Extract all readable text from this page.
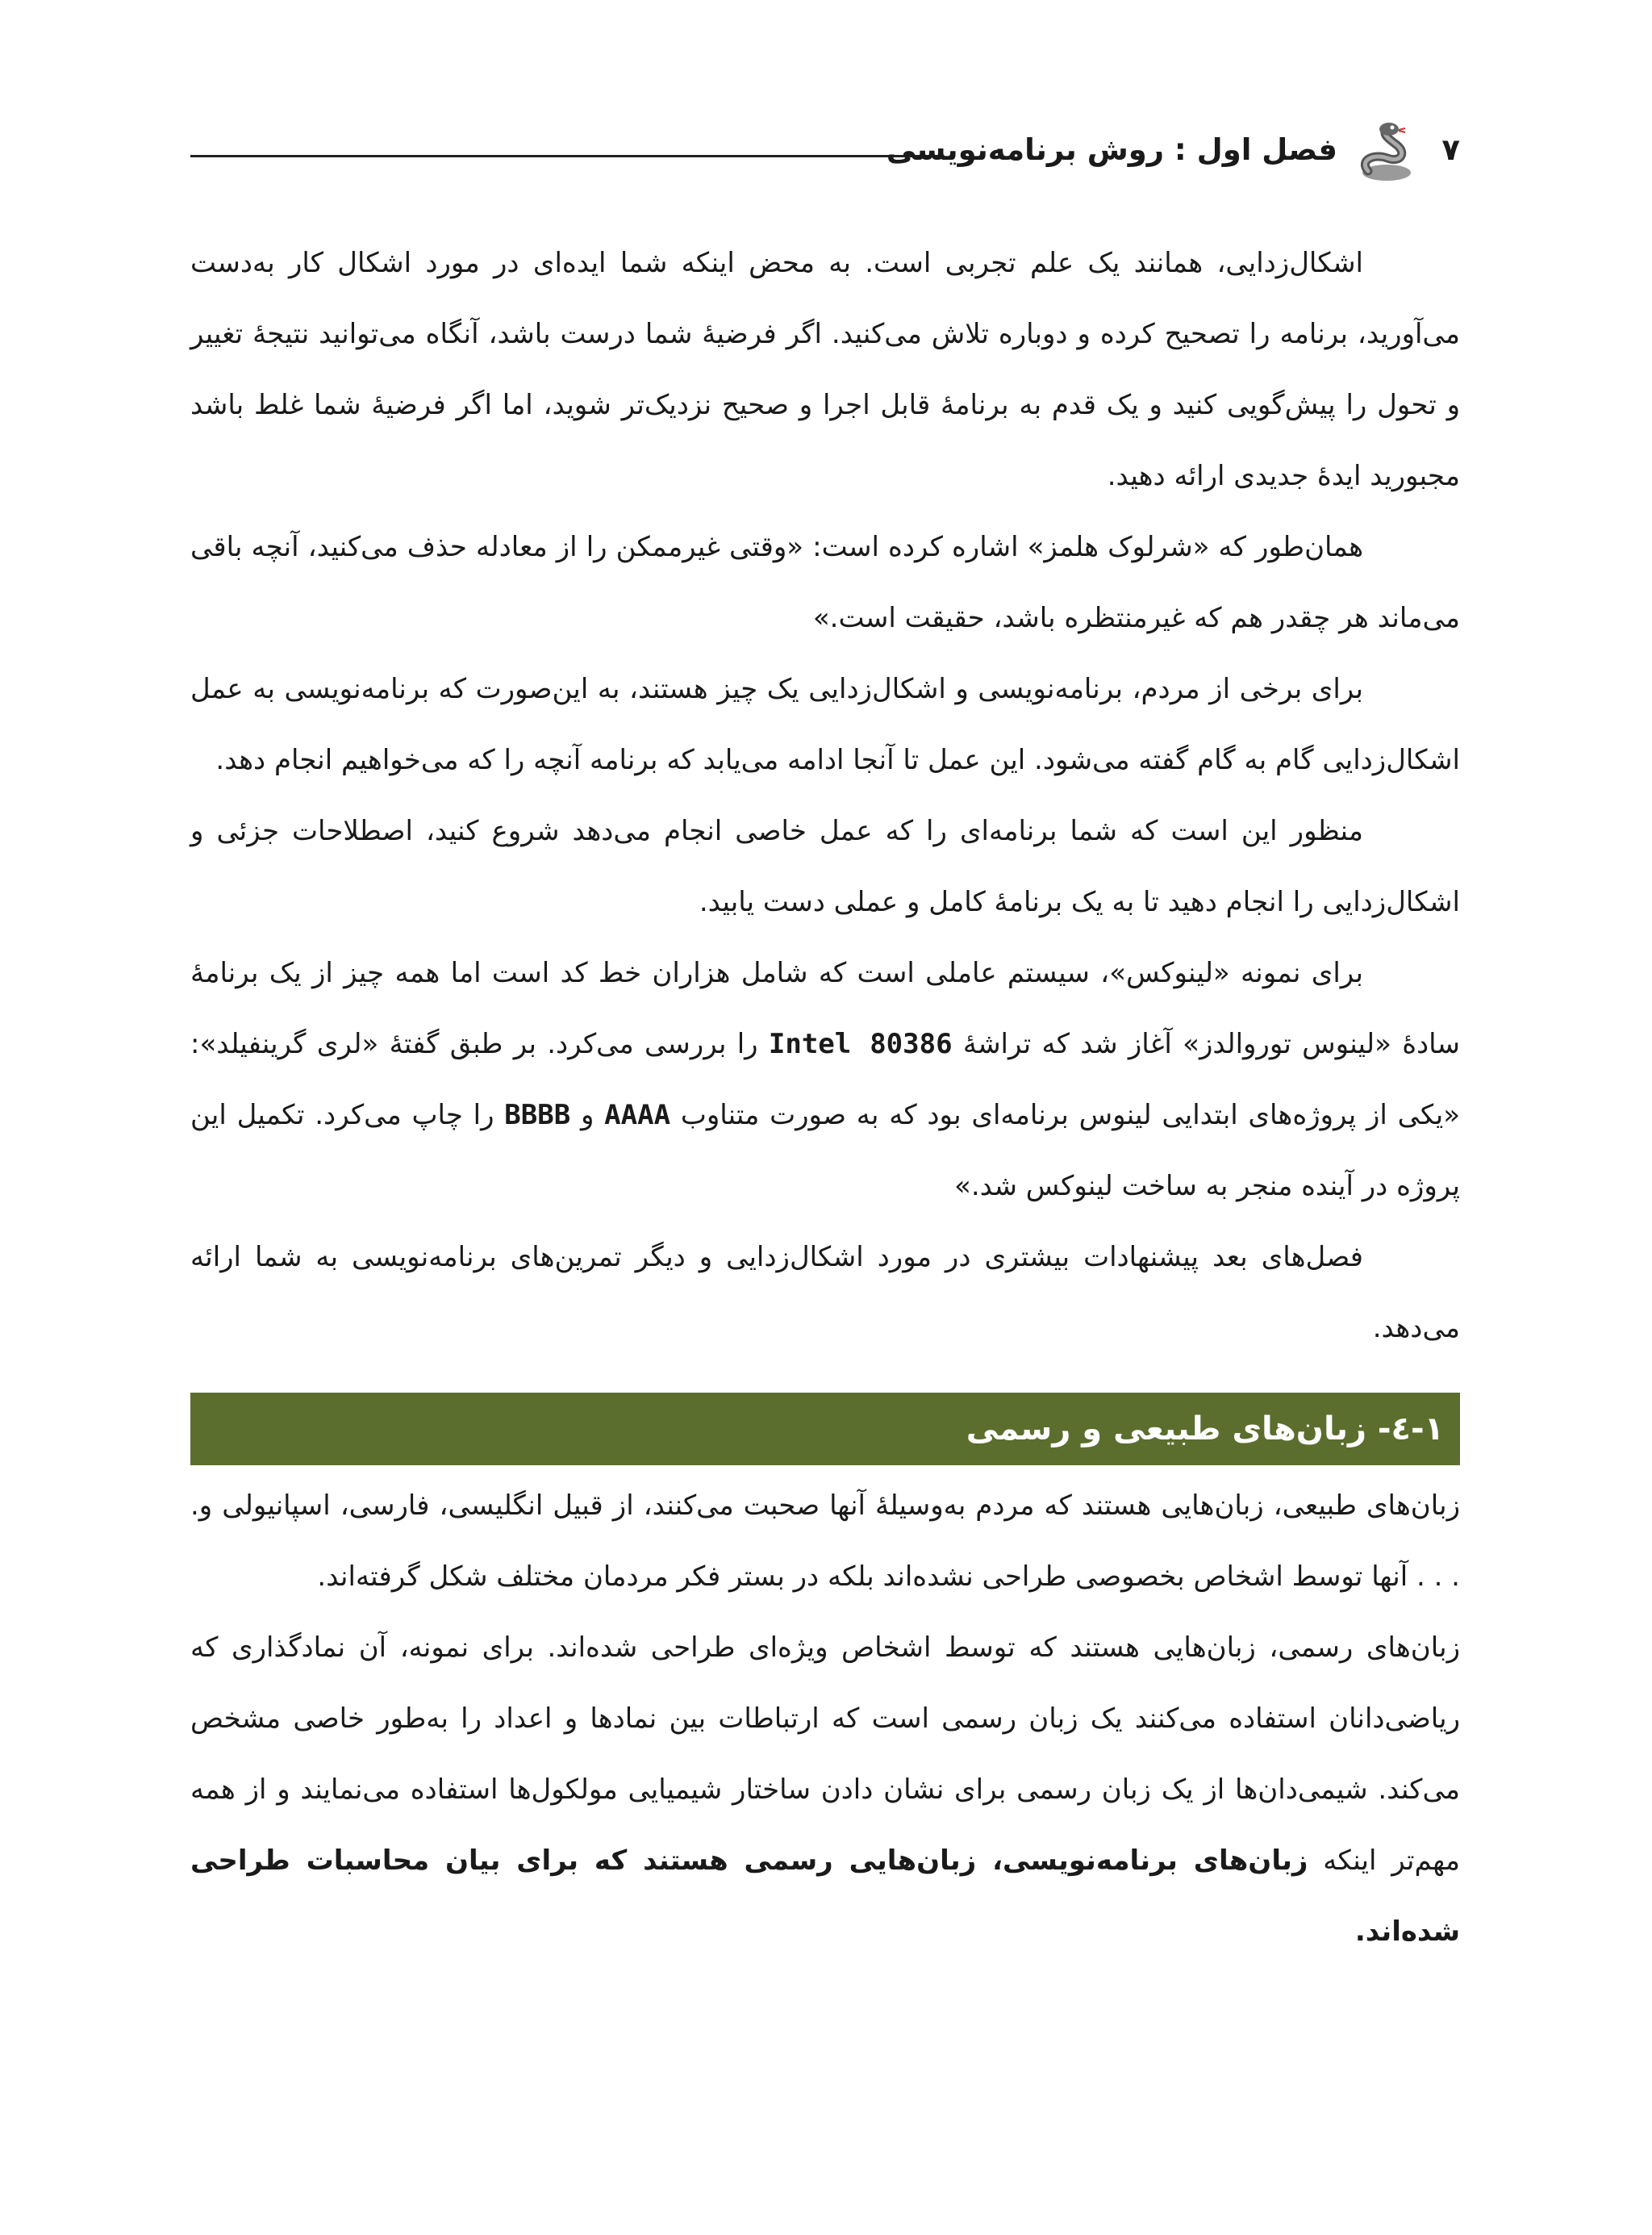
فصل اول : روش برنامه‌نویسی	۷

اشکال‌زدایی، همانند یک علم تجربی است. به محض اینکه شما ایده‌ای در مورد اشکال کار به‌دست می‌آورید، برنامه را تصحیح کرده و دوباره تلاش می‌کنید. اگر فرضیهٔ شما درست باشد، آنگاه می‌توانید نتیجهٔ تغییر و تحول را پیش‌گویی کنید و یک قدم به برنامهٔ قابل اجرا و صحیح نزدیک‌تر شوید، اما اگر فرضیهٔ شما غلط باشد مجبورید ایدهٔ جدیدی ارائه دهید.

همان‌طور که «شرلوک هلمز» اشاره کرده است: «وقتی غیرممکن را از معادله حذف می‌کنید، آنچه باقی می‌ماند هر چقدر هم که غیرمنتظره باشد، حقیقت است.»

برای برخی از مردم، برنامه‌نویسی و اشکال‌زدایی یک چیز هستند، به این‌صورت که برنامه‌نویسی به عمل اشکال‌زدایی گام به گام گفته می‌شود. این عمل تا آنجا ادامه می‌یابد که برنامه آنچه را که می‌خواهیم انجام دهد.

منظور این است که شما برنامه‌ای را که عمل خاصی انجام می‌دهد شروع کنید، اصطلاحات جزئی و اشکال‌زدایی را انجام دهید تا به یک برنامهٔ کامل و عملی دست یابید.

برای نمونه «لینوکس»، سیستم عاملی است که شامل هزاران خط کد است اما همه چیز از یک برنامهٔ سادهٔ «لینوس توروالدز» آغاز شد که تراشهٔ Intel 80386 را بررسی می‌کرد. بر طبق گفتهٔ «لری گرینفیلد»: «یکی از پروژه‌های ابتدایی لینوس برنامه‌ای بود که به صورت متناوب AAAA و BBBB را چاپ می‌کرد. تکمیل این پروژه در آینده منجر به ساخت لینوکس شد.»

فصل‌های بعد پیشنهادات بیشتری در مورد اشکال‌زدایی و دیگر تمرین‌های برنامه‌نویسی به شما ارائه می‌دهد.

۱-٤- زبان‌های طبیعی و رسمی

زبان‌های طبیعی، زبان‌هایی هستند که مردم به‌وسیلهٔ آنها صحبت می‌کنند، از قبیل انگلیسی، فارسی، اسپانیولی و. . . . آنها توسط اشخاص بخصوصی طراحی نشده‌اند بلکه در بستر فکر مردمان مختلف شکل گرفته‌اند.

زبان‌های رسمی، زبان‌هایی هستند که توسط اشخاص ویژه‌ای طراحی شده‌اند. برای نمونه، آن نمادگذاری که ریاضی‌دانان استفاده می‌کنند یک زبان رسمی است که ارتباطات بین نمادها و اعداد را به‌طور خاصی مشخص می‌کند. شیمی‌دان‌ها از یک زبان رسمی برای نشان دادن ساختار شیمیایی مولکول‌ها استفاده می‌نمایند و از همه مهم‌تر اینکه زبان‌های برنامه‌نویسی، زبان‌هایی رسمی هستند که برای بیان محاسبات طراحی شده‌اند.
